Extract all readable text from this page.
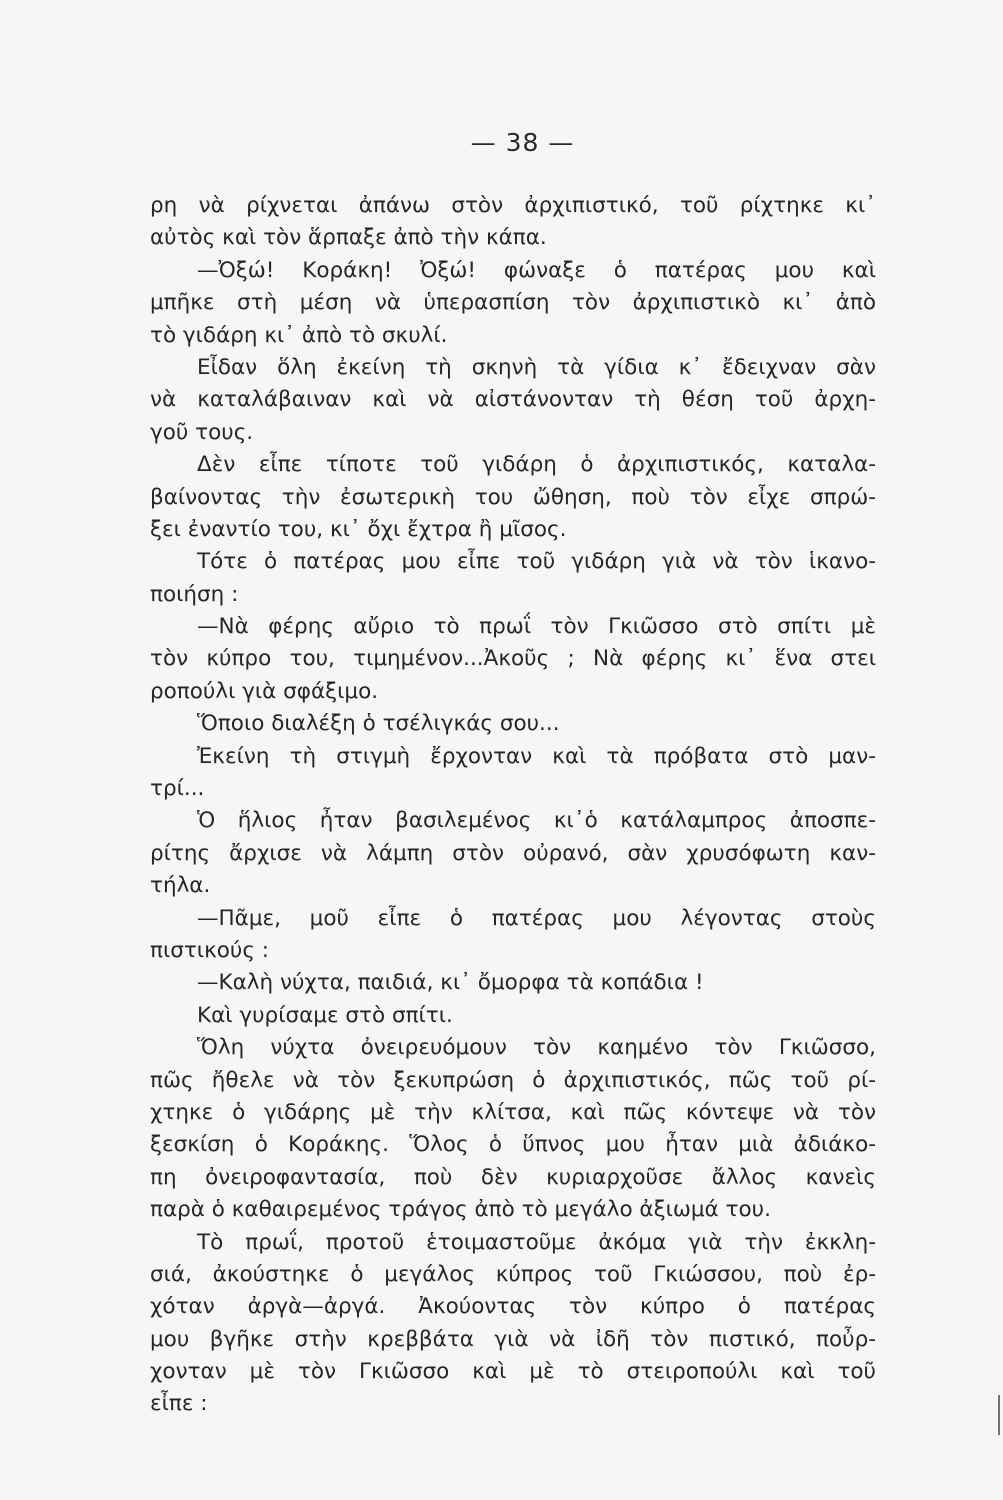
— 38 —
ρη νὰ ρίχνεται ἀπάνω στὸν ἀρχιπιστικό, τοῦ ρίχτηκε κι᾿
αὐτὸς καὶ τὸν ἅρπαξε ἀπὸ τὴν κάπα.
—Ὀξώ! Κοράκη! Ὀξώ! φώναξε ὁ πατέρας μου καὶ
μπῆκε στὴ μέση νὰ ὑπερασπίση τὸν ἀρχιπιστικὸ κι᾿ ἀπὸ
τὸ γιδάρη κι᾿ ἀπὸ τὸ σκυλί.
Εἶδαν ὅλη ἐκείνη τὴ σκηνὴ τὰ γίδια κ᾿ ἔδειχναν σὰν
νὰ καταλάβαιναν καὶ νὰ αἰστάνονταν τὴ θέση τοῦ ἀρχη-
γοῦ τους.
Δὲν εἶπε τίποτε τοῦ γιδάρη ὁ ἀρχιπιστικός, καταλα-
βαίνοντας τὴν ἐσωτερικὴ του ὤθηση, ποὺ τὸν εἶχε σπρώ-
ξει ἐναντίο του, κι᾿ ὄχι ἔχτρα ἢ μῖσος.
Τότε ὁ πατέρας μου εἶπε τοῦ γιδάρη γιὰ νὰ τὸν ἱκανο-
ποιήση :
—Νὰ φέρης αὔριο τὸ πρωΐ τὸν Γκιῶσσο στὸ σπίτι μὲ
τὸν κύπρο του, τιμημένον...Ἀκοῦς ; Νὰ φέρης κι᾿ ἕνα στει
ροπούλι γιὰ σφάξιμο.
Ὅποιο διαλέξη ὁ τσέλιγκάς σου...
Ἐκείνη τὴ στιγμὴ ἔρχονταν καὶ τὰ πρόβατα στὸ μαν-
τρί...
Ὁ ἥλιος ἦταν βασιλεμένος κι᾿ὁ κατάλαμπρος ἀποσπε-
ρίτης ἄρχισε νὰ λάμπη στὸν οὐρανό, σὰν χρυσόφωτη καν-
τήλα.
—Πᾶμε, μοῦ εἶπε ὁ πατέρας μου λέγοντας στοὺς
πιστικούς :
—Καλὴ νύχτα, παιδιά, κι᾿ ὄμορφα τὰ κοπάδια !
Καὶ γυρίσαμε στὸ σπίτι.
Ὅλη νύχτα ὀνειρευόμουν τὸν καημένο τὸν Γκιῶσσο,
πῶς ἤθελε νὰ τὸν ξεκυπρώση ὁ ἀρχιπιστικός, πῶς τοῦ ρί-
χτηκε ὁ γιδάρης μὲ τὴν κλίτσα, καὶ πῶς κόντεψε νὰ τὸν
ξεσκίση ὁ Κοράκης. Ὅλος ὁ ὕπνος μου ἦταν μιὰ ἀδιάκο-
πη ὀνειροφαντασία, ποὺ δὲν κυριαρχοῦσε ἄλλος κανεὶς
παρὰ ὁ καθαιρεμένος τράγος ἀπὸ τὸ μεγάλο ἀξιωμά του.
Τὸ πρωΐ, προτοῦ ἑτοιμαστοῦμε ἀκόμα γιὰ τὴν ἐκκλη-
σιά, ἀκούστηκε ὁ μεγάλος κύπρος τοῦ Γκιώσσου, ποὺ ἐρ-
χόταν ἀργὰ—ἀργά. Ἀκούοντας τὸν κύπρο ὁ πατέρας
μου βγῆκε στὴν κρεββάτα γιὰ νὰ ἰδῆ τὸν πιστικό, ποὖρ-
χονταν μὲ τὸν Γκιῶσσο καὶ μὲ τὸ στειροπούλι καὶ τοῦ
εἶπε :
